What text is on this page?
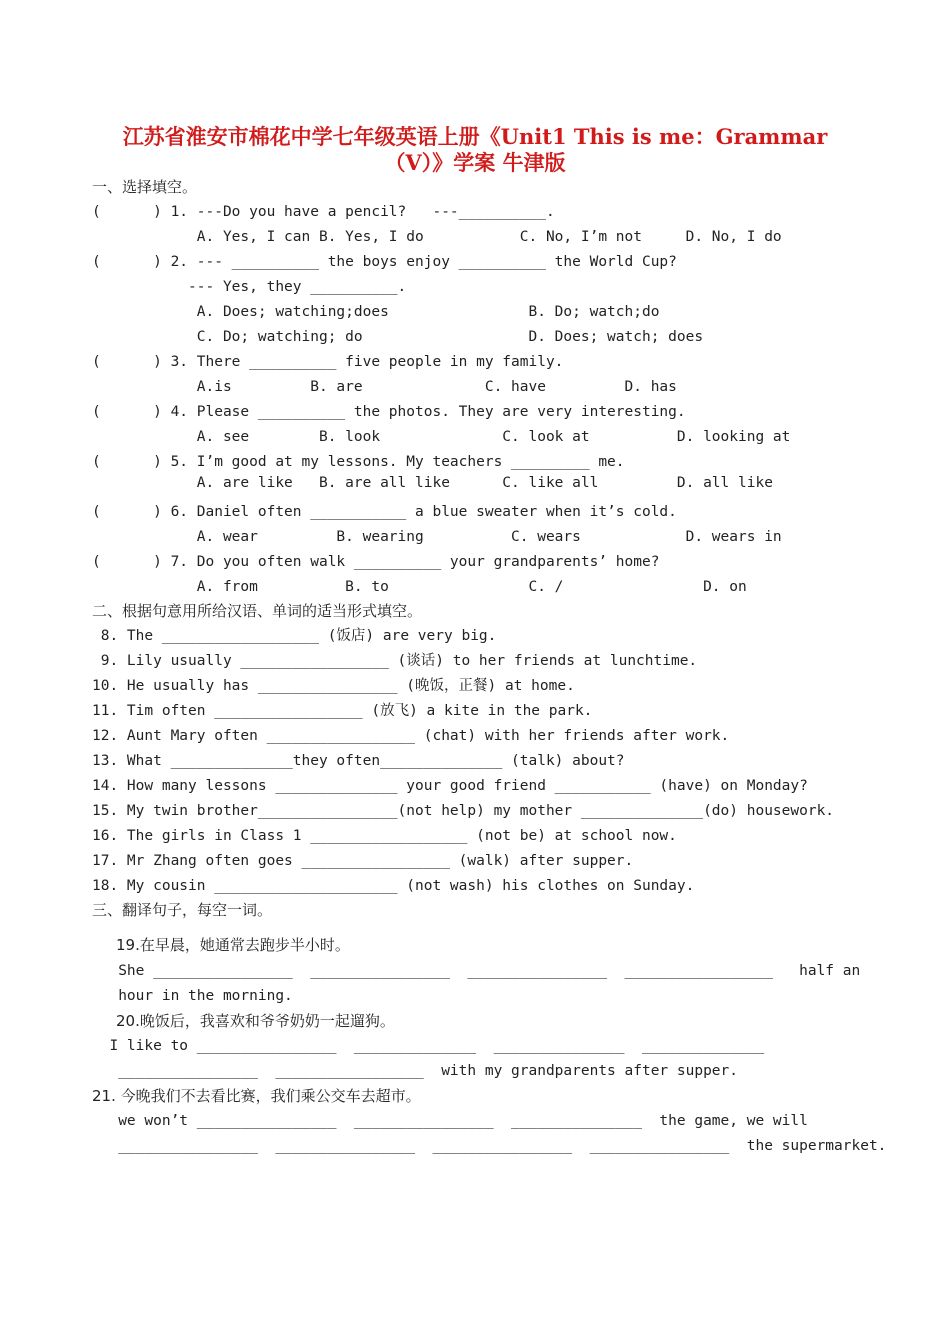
江苏省淮安市棉花中学七年级英语上册《Unit1 This is me：Grammar
（V）》学案 牛津版
一、选择填空。
(      ) 1. ---Do you have a pencil?   ---__________.
A. Yes, I can B. Yes, I do           C. No, I’m not     D. No, I do
(      ) 2. --- __________ the boys enjoy __________ the World Cup?
--- Yes, they __________.
A. Does; watching;does                B. Do; watch;do
C. Do; watching; do                   D. Does; watch; does
(      ) 3. There __________ five people in my family.
A.is         B. are              C. have         D. has
(      ) 4. Please __________ the photos. They are very interesting.
A. see        B. look              C. look at          D. looking at
(      ) 5. I’m good at my lessons. My teachers _________ me.
A. are like   B. are all like      C. like all         D. all like
(      ) 6. Daniel often ___________ a blue sweater when it’s cold.
A. wear         B. wearing          C. wears            D. wears in
(      ) 7. Do you often walk __________ your grandparents’ home?
A. from          B. to                C. /                D. on
二、根据句意用所给汉语、单词的适当形式填空。
8. The __________________ (饭店) are very big.
9. Lily usually _________________ (谈话) to her friends at lunchtime.
10. He usually has ________________ (晚饭，正餐) at home.
11. Tim often _________________ (放飞) a kite in the park.
12. Aunt Mary often _________________ (chat) with her friends after work.
13. What ______________they often______________ (talk) about?
14. How many lessons ______________ your good friend ___________ (have) on Monday?
15. My twin brother________________(not help) my mother ______________(do) housework.
16. The girls in Class 1 __________________ (not be) at school now.
17. Mr Zhang often goes _________________ (walk) after supper.
18. My cousin _____________________ (not wash) his clothes on Sunday.
三、翻译句子，每空一词。
19.在早晨，她通常去跑步半小时。
She ________________  ________________  ________________  _________________   half an
hour in the morning.
20.晚饭后，我喜欢和爷爷奶奶一起遛狗。
I like to ________________  ______________  _______________  ______________
________________  _________________  with my grandparents after supper.
21. 今晚我们不去看比赛，我们乘公交车去超市。
we won’t ________________  ________________  _______________  the game, we will
________________  ________________  ________________  ________________  the supermarket.
